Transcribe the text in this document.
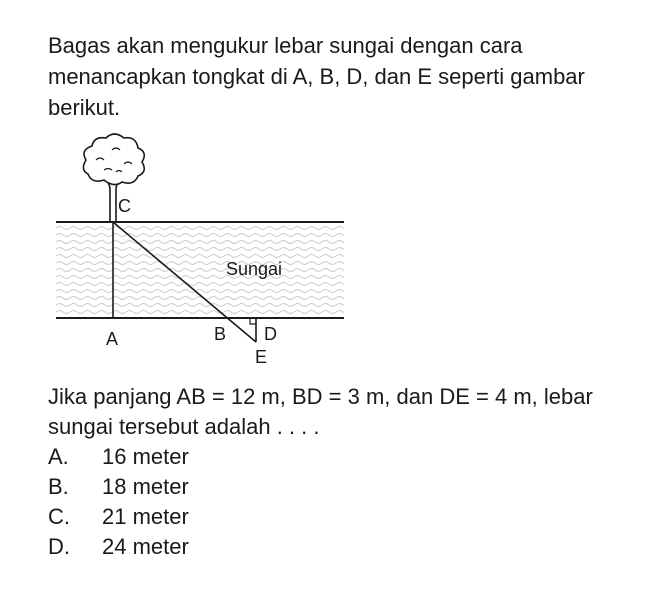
Bagas akan mengukur lebar sungai dengan cara menancapkan tongkat di A, B, D, dan E seperti gambar berikut.

C
Sungai
A	B D
E

Jika panjang AB = 12 m, BD = 3 m, dan DE = 4 m, lebar sungai tersebut adalah . . . .

A.	16 meter
B.	18 meter
C.	21 meter
D.	24 meter
